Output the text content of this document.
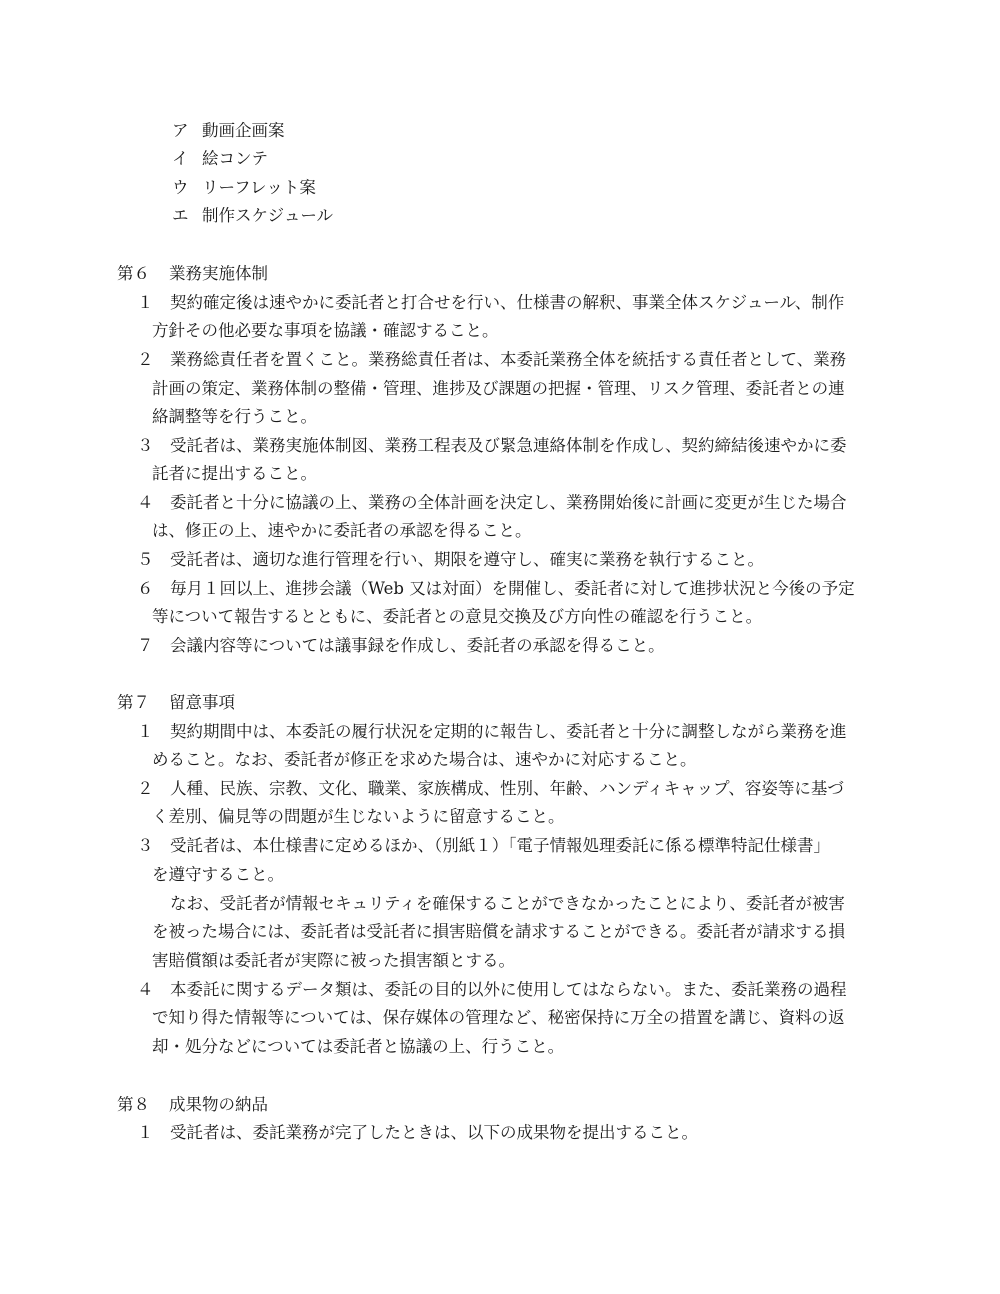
ア 動画企画案
イ 絵コンテ
ウ リーフレット案
エ 制作スケジュール
第６ 業務実施体制
１ 契約確定後は速やかに委託者と打合せを行い、仕様書の解釈、事業全体スケジュール、制作
方針その他必要な事項を協議・確認すること。
２ 業務総責任者を置くこと。業務総責任者は、本委託業務全体を統括する責任者として、業務
計画の策定、業務体制の整備・管理、進捗及び課題の把握・管理、リスク管理、委託者との連
絡調整等を行うこと。
３ 受託者は、業務実施体制図、業務工程表及び緊急連絡体制を作成し、契約締結後速やかに委
託者に提出すること。
４ 委託者と十分に協議の上、業務の全体計画を決定し、業務開始後に計画に変更が生じた場合
は、修正の上、速やかに委託者の承認を得ること。
５ 受託者は、適切な進行管理を行い、期限を遵守し、確実に業務を執行すること。
６ 毎月１回以上、進捗会議（Web 又は対面）を開催し、委託者に対して進捗状況と今後の予定
等について報告するとともに、委託者との意見交換及び方向性の確認を行うこと。
７ 会議内容等については議事録を作成し、委託者の承認を得ること。
第７ 留意事項
１ 契約期間中は、本委託の履行状況を定期的に報告し、委託者と十分に調整しながら業務を進
めること。なお、委託者が修正を求めた場合は、速やかに対応すること。
２ 人種、民族、宗教、文化、職業、家族構成、性別、年齢、ハンディキャップ、容姿等に基づ
く差別、偏見等の問題が生じないように留意すること。
３ 受託者は、本仕様書に定めるほか、（別紙１）「電子情報処理委託に係る標準特記仕様書」
を遵守すること。
なお、受託者が情報セキュリティを確保することができなかったことにより、委託者が被害
を被った場合には、委託者は受託者に損害賠償を請求することができる。委託者が請求する損
害賠償額は委託者が実際に被った損害額とする。
４ 本委託に関するデータ類は、委託の目的以外に使用してはならない。また、委託業務の過程
で知り得た情報等については、保存媒体の管理など、秘密保持に万全の措置を講じ、資料の返
却・処分などについては委託者と協議の上、行うこと。
第８ 成果物の納品
１ 受託者は、委託業務が完了したときは、以下の成果物を提出すること。
